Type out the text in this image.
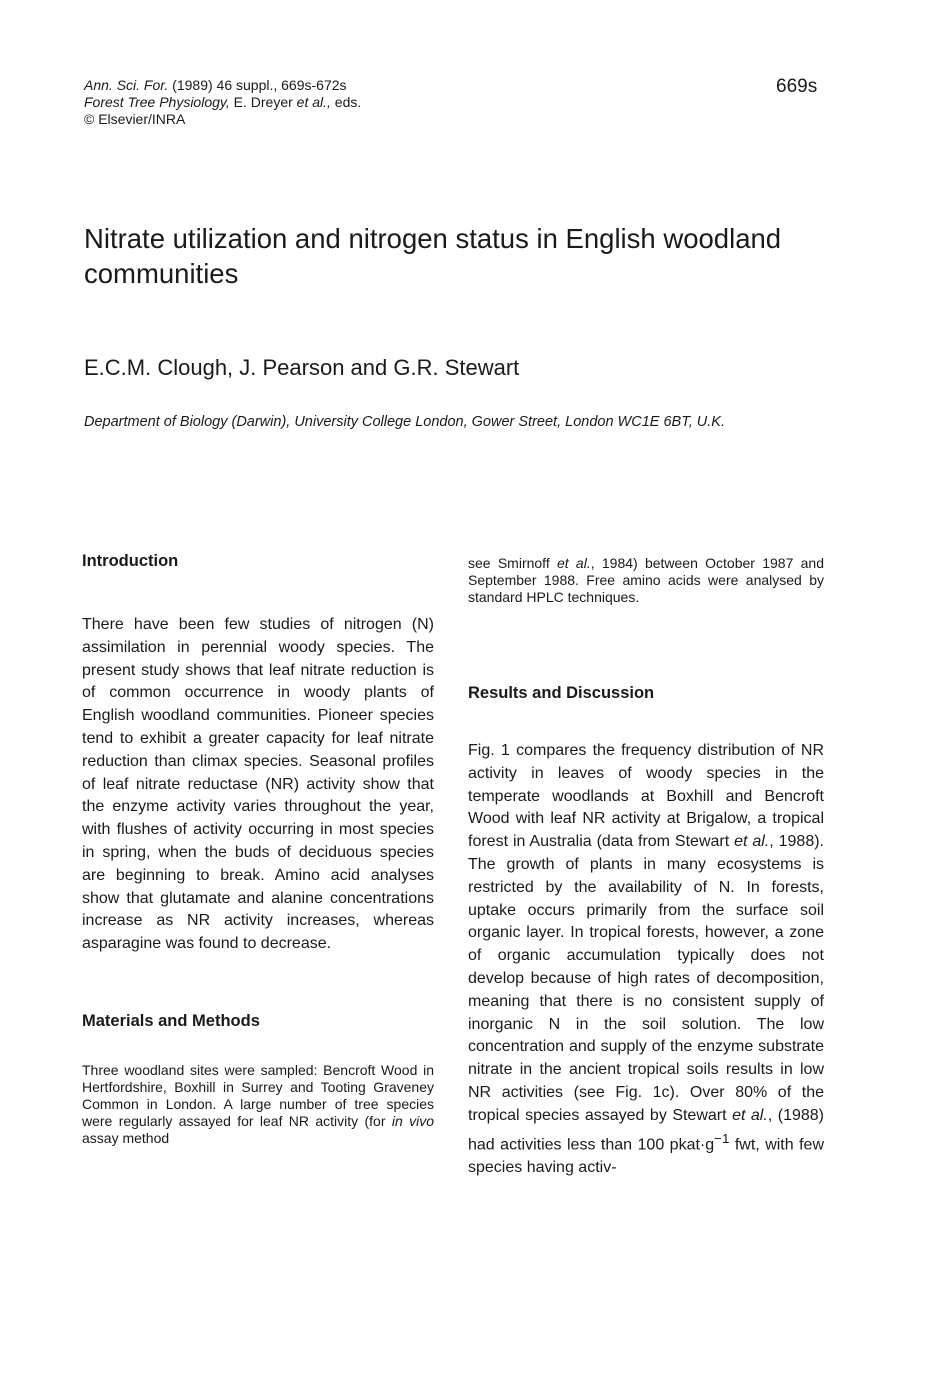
Ann. Sci. For. (1989) 46 suppl., 669s-672s
Forest Tree Physiology, E. Dreyer et al., eds.
© Elsevier/INRA
669s
Nitrate utilization and nitrogen status in English woodland communities
E.C.M. Clough, J. Pearson and G.R. Stewart
Department of Biology (Darwin), University College London, Gower Street, London WC1E 6BT, U.K.
Introduction

There have been few studies of nitrogen (N) assimilation in perennial woody species. The present study shows that leaf nitrate reduction is of common occurrence in woody plants of English woodland communities. Pioneer species tend to exhibit a greater capacity for leaf nitrate reduction than climax species. Seasonal profiles of leaf nitrate reductase (NR) activity show that the enzyme activity varies throughout the year, with flushes of activity occurring in most species in spring, when the buds of deciduous species are beginning to break. Amino acid analyses show that glutamate and alanine concentrations increase as NR activity increases, whereas asparagine was found to decrease.

Materials and Methods

Three woodland sites were sampled: Bencroft Wood in Hertfordshire, Boxhill in Surrey and Tooting Graveney Common in London. A large number of tree species were regularly assayed for leaf NR activity (for in vivo assay method

see Smirnoff et al., 1984) between October 1987 and September 1988. Free amino acids were analysed by standard HPLC techniques.

Results and Discussion

Fig. 1 compares the frequency distribution of NR activity in leaves of woody species in the temperate woodlands at Boxhill and Bencroft Wood with leaf NR activity at Brigalow, a tropical forest in Australia (data from Stewart et al., 1988). The growth of plants in many ecosystems is restricted by the availability of N. In forests, uptake occurs primarily from the surface soil organic layer. In tropical forests, however, a zone of organic accumulation typically does not develop because of high rates of decomposition, meaning that there is no consistent supply of inorganic N in the soil solution. The low concentration and supply of the enzyme substrate nitrate in the ancient tropical soils results in low NR activities (see Fig. 1c). Over 80% of the tropical species assayed by Stewart et al., (1988) had activities less than 100 $pkat\cdot g^{-1}$ fwt, with few species having activ-
